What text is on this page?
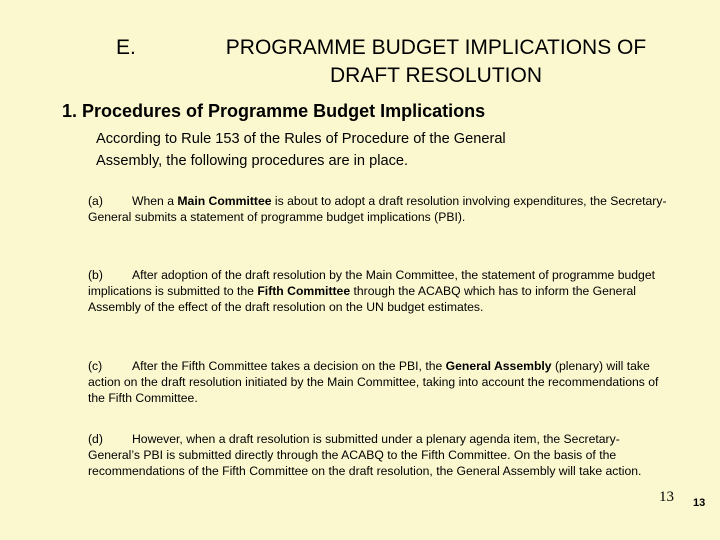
E.	PROGRAMME BUDGET IMPLICATIONS OF
DRAFT RESOLUTION
1. Procedures of Programme Budget Implications
According to Rule 153 of the Rules of Procedure of the General
Assembly, the following procedures are in place.
(a) When a Main Committee is about to adopt a draft resolution involving expenditures, the Secretary-General submits a statement of programme budget implications (PBI).
(b) After adoption of the draft resolution by the Main Committee, the statement of programme budget implications is submitted to the Fifth Committee through the ACABQ which has to inform the General Assembly of the effect of the draft resolution on the UN budget estimates.
(c) After the Fifth Committee takes a decision on the PBI, the General Assembly (plenary) will take action on the draft resolution initiated by the Main Committee, taking into account the recommendations of the Fifth Committee.
(d) However, when a draft resolution is submitted under a plenary agenda item, the Secretary-General’s PBI is submitted directly through the ACABQ to the Fifth Committee. On the basis of the recommendations of the Fifth Committee on the draft resolution, the General Assembly will take action.
13 13
